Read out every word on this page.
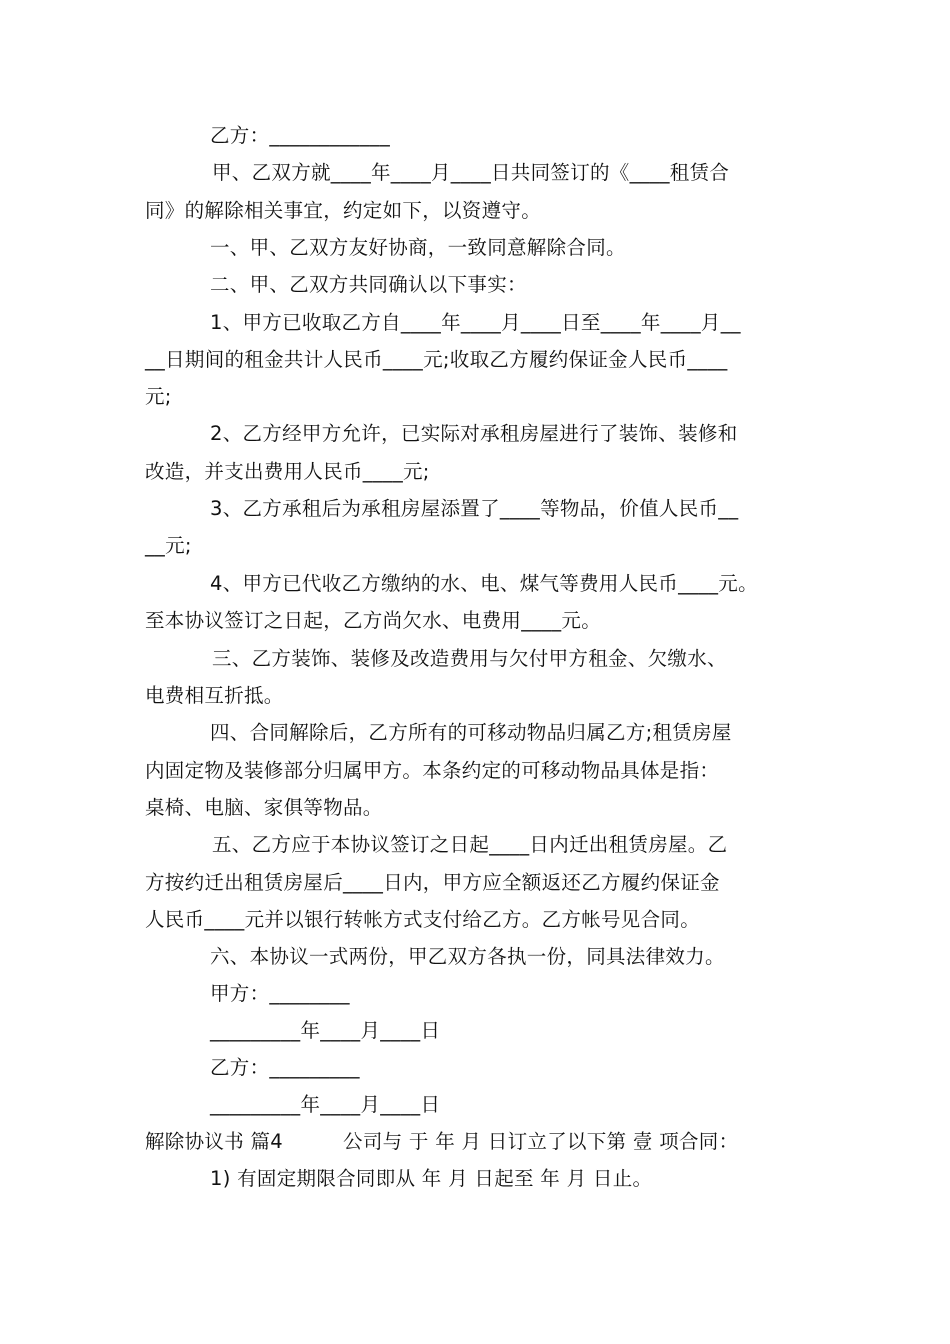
乙方：____________
甲、乙双方就____年____月____日共同签订的《____租赁合
同》的解除相关事宜，约定如下，以资遵守。
一、甲、乙双方友好协商，一致同意解除合同。
二、甲、乙双方共同确认以下事实：
1、甲方已收取乙方自____年____月____日至____年____月__
__日期间的租金共计人民币____元;收取乙方履约保证金人民币____
元;
2、乙方经甲方允许，已实际对承租房屋进行了装饰、装修和
改造，并支出费用人民币____元;
3、乙方承租后为承租房屋添置了____等物品，价值人民币__
__元;
4、甲方已代收乙方缴纳的水、电、煤气等费用人民币____元。
至本协议签订之日起，乙方尚欠水、电费用____元。
三、乙方装饰、装修及改造费用与欠付甲方租金、欠缴水、
电费相互折抵。
四、合同解除后，乙方所有的可移动物品归属乙方;租赁房屋
内固定物及装修部分归属甲方。本条约定的可移动物品具体是指：
桌椅、电脑、家俱等物品。
五、乙方应于本协议签订之日起____日内迁出租赁房屋。乙
方按约迁出租赁房屋后____日内，甲方应全额返还乙方履约保证金
人民币____元并以银行转帐方式支付给乙方。乙方帐号见合同。
六、本协议一式两份，甲乙双方各执一份，同具法律效力。
甲方：________
_________年____月____日
乙方：_________
_________年____月____日
解除协议书 篇4	公司与 于 年 月 日订立了以下第 壹 项合同：
1) 有固定期限合同即从 年 月 日起至 年 月 日止。
